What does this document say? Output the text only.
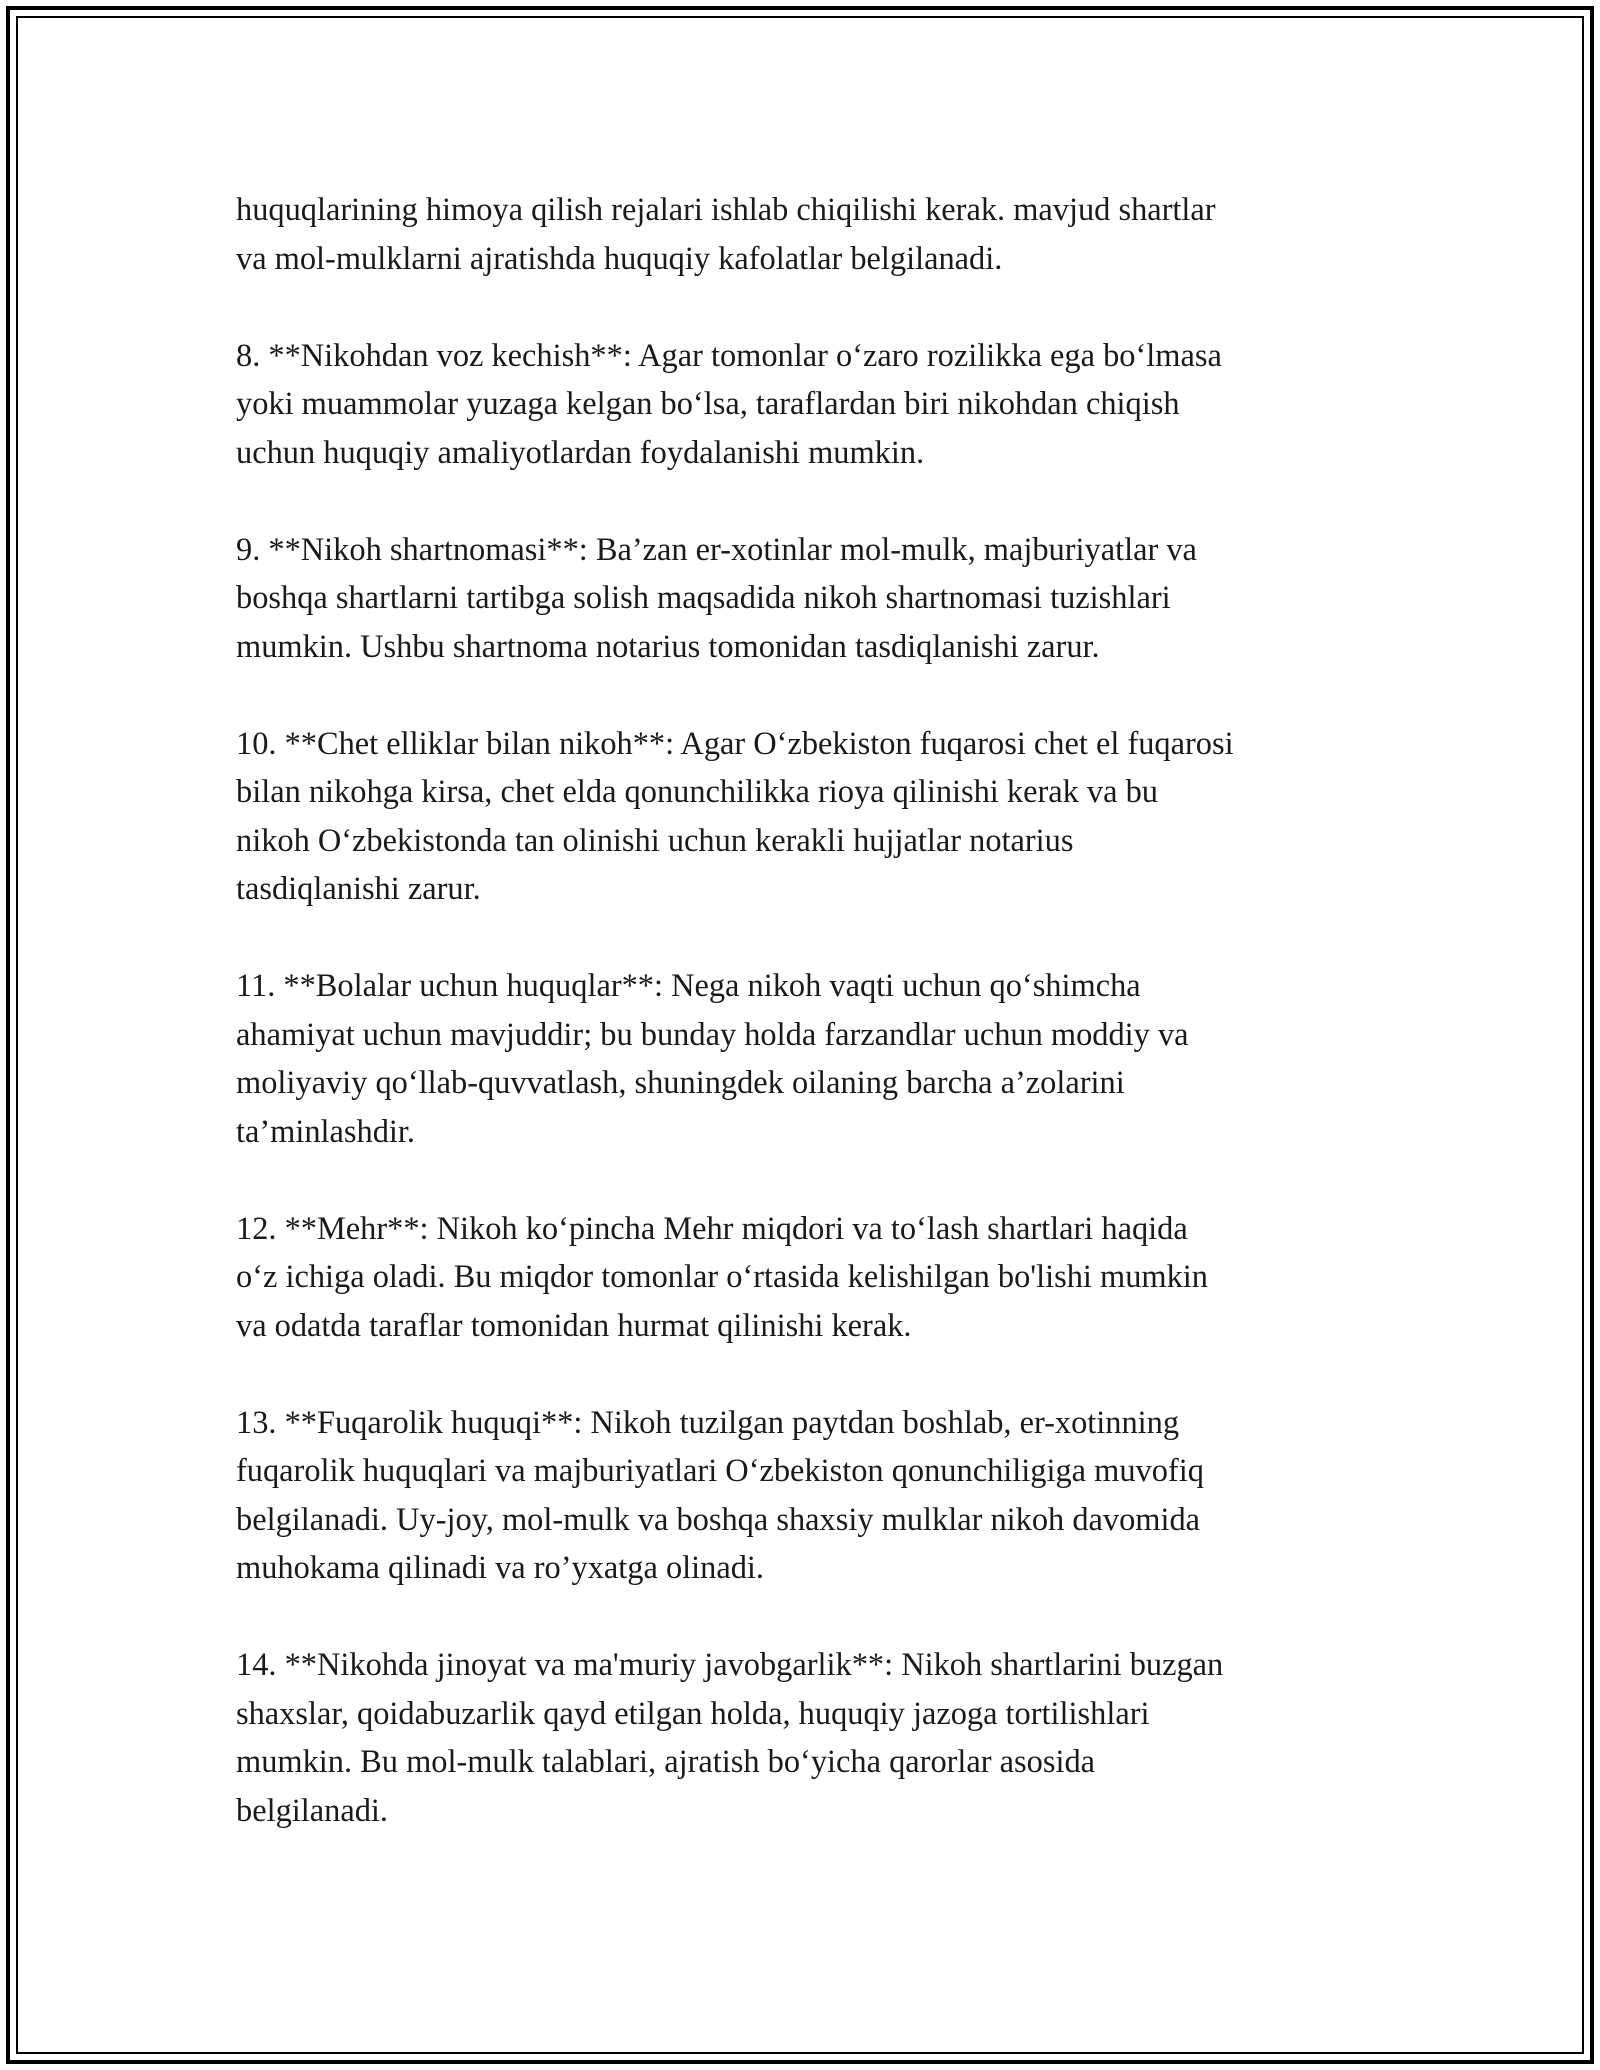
huquqlarining himoya qilish rejalari ishlab chiqilishi kerak. mavjud shartlar
va mol-mulklarni ajratishda huquqiy kafolatlar belgilanadi.

8. **Nikohdan voz kechish**: Agar tomonlar o‘zaro rozilikka ega bo‘lmasa
yoki muammolar yuzaga kelgan bo‘lsa, taraflardan biri nikohdan chiqish
uchun huquqiy amaliyotlardan foydalanishi mumkin.

9. **Nikoh shartnomasi**: Ba’zan er-xotinlar mol-mulk, majburiyatlar va
boshqa shartlarni tartibga solish maqsadida nikoh shartnomasi tuzishlari
mumkin. Ushbu shartnoma notarius tomonidan tasdiqlanishi zarur.

10. **Chet elliklar bilan nikoh**: Agar O‘zbekiston fuqarosi chet el fuqarosi
bilan nikohga kirsa, chet elda qonunchilikka rioya qilinishi kerak va bu
nikoh O‘zbekistonda tan olinishi uchun kerakli hujjatlar notarius
tasdiqlanishi zarur.

11. **Bolalar uchun huquqlar**: Nega nikoh vaqti uchun qo‘shimcha
ahamiyat uchun mavjuddir; bu bunday holda farzandlar uchun moddiy va
moliyaviy qo‘llab-quvvatlash, shuningdek oilaning barcha a’zolarini
ta’minlashdir.

12. **Mehr**: Nikoh ko‘pincha Mehr miqdori va to‘lash shartlari haqida
o‘z ichiga oladi. Bu miqdor tomonlar o‘rtasida kelishilgan bo'lishi mumkin
va odatda taraflar tomonidan hurmat qilinishi kerak.

13. **Fuqarolik huquqi**: Nikoh tuzilgan paytdan boshlab, er-xotinning
fuqarolik huquqlari va majburiyatlari O‘zbekiston qonunchiligiga muvofiq
belgilanadi. Uy-joy, mol-mulk va boshqa shaxsiy mulklar nikoh davomida
muhokama qilinadi va ro’yxatga olinadi.

14. **Nikohda jinoyat va ma'muriy javobgarlik**: Nikoh shartlarini buzgan
shaxslar, qoidabuzarlik qayd etilgan holda, huquqiy jazoga tortilishlari
mumkin. Bu mol-mulk talablari, ajratish bo‘yicha qarorlar asosida
belgilanadi.
